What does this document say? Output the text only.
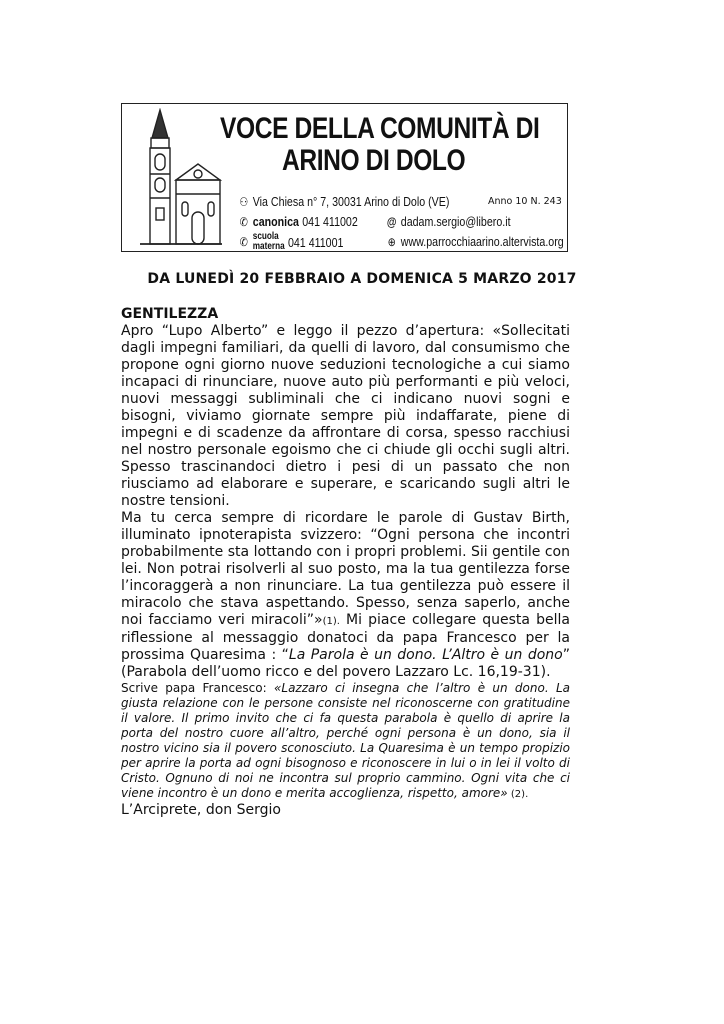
VOCE DELLA COMUNITÀ DI
ARINO DI DOLO
⚇ Via Chiesa n° 7, 30031 Arino di Dolo (VE)	Anno 10 N. 243
✆ canonica 041 411002 @ dadam.sergio@libero.it
✆ scuola
materna 041 411001	⊕ www.parrocchiaarino.altervista.org
DA LUNEDÌ 20 FEBBRAIO A DOMENICA 5 MARZO 2017

GENTILEZZA

Apro “Lupo Alberto” e leggo il pezzo d’apertura: «Sollecitati dagli impegni familiari, da quelli di lavoro, dal consumismo che propone ogni giorno nuove seduzioni tecnologiche a cui siamo incapaci di rinunciare, nuove auto più performanti e più veloci, nuovi messaggi subliminali che ci indicano nuovi sogni e bisogni, viviamo giornate sempre più indaffarate, piene di impegni e di scadenze da affrontare di corsa, spesso racchiusi nel nostro personale egoismo che ci chiude gli occhi sugli altri. Spesso trascinandoci dietro i pesi di un passato che non riusciamo ad elaborare e superare, e scaricando sugli altri le nostre tensioni.

Ma tu cerca sempre di ricordare le parole di Gustav Birth, illuminato ipnoterapista svizzero: “Ogni persona che incontri probabilmente sta lottando con i propri problemi. Sii gentile con lei. Non potrai risolverli al suo posto, ma la tua gentilezza forse l’incoraggerà a non rinunciare. La tua gentilezza può essere il miracolo che stava aspettando. Spesso, senza saperlo, anche noi facciamo veri miracoli”»(1). Mi piace collegare questa bella riflessione al messaggio donatoci da papa Francesco per la prossima Quaresima : “La Parola è un dono. L’Altro è un dono” (Parabola dell’uomo ricco e del povero Lazzaro Lc. 16,19-31).

Scrive papa Francesco: «Lazzaro ci insegna che l’altro è un dono. La giusta relazione con le persone consiste nel riconoscerne con gratitudine il valore. Il primo invito che ci fa questa parabola è quello di aprire la porta del nostro cuore all’altro, perché ogni persona è un dono, sia il nostro vicino sia il povero sconosciuto. La Quaresima è un tempo propizio per aprire la porta ad ogni bisognoso e riconoscere in lui o in lei il volto di Cristo. Ognuno di noi ne incontra sul proprio cammino. Ogni vita che ci viene incontro è un dono e merita accoglienza, rispetto, amore» (2).

L’Arciprete, don Sergio
